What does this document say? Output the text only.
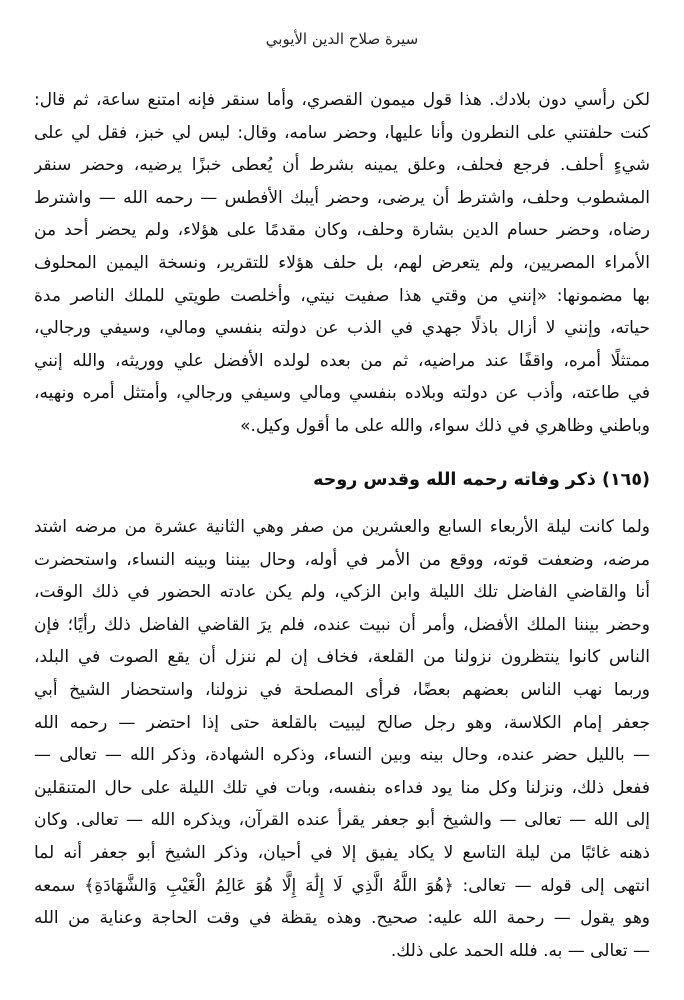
سيرة صلاح الدين الأيوبي
لكن رأسي دون بلادك. هذا قول ميمون القصري، وأما سنقر فإنه امتنع ساعة، ثم قال:
كنت حلفتني على النطرون وأنا عليها، وحضر سامه، وقال: ليس لي خبز، فقل لي على
شيءٍ أحلف. فرجع فحلف، وعلق يمينه بشرط أن يُعطى خبزًا يرضيه، وحضر سنقر
المشطوب وحلف، واشترط أن يرضى، وحضر أيبك الأفطس — رحمه الله — واشترط
رضاه، وحضر حسام الدين بشارة وحلف، وكان مقدمًا على هؤلاء، ولم يحضر أحد من
الأمراء المصريين، ولم يتعرض لهم، بل حلف هؤلاء للتقرير، ونسخة اليمين المحلوف
بها مضمونها: «إنني من وقتي هذا صفيت نيتي، وأخلصت طويتي للملك الناصر مدة
حياته، وإنني لا أزال باذلًا جهدي في الذب عن دولته بنفسي ومالي، وسيفي ورجالي،
ممتثلًا أمره، واقفًا عند مراضيه، ثم من بعده لولده الأفضل علي ووريثه، والله إنني
في طاعته، وأذب عن دولته وبلاده بنفسي ومالي وسيفي ورجالي، وأمتثل أمره ونهيه،
وباطني وظاهري في ذلك سواء، والله على ما أقول وكيل.»
(١٦٥) ذكر وفاته رحمه الله وقدس روحه
ولما كانت ليلة الأربعاء السابع والعشرين من صفر وهي الثانية عشرة من مرضه اشتد
مرضه، وضعفت قوته، ووقع من الأمر في أوله، وحال بيننا وبينه النساء، واستحضرت
أنا والقاضي الفاضل تلك الليلة وابن الزكي، ولم يكن عادته الحضور في ذلك الوقت،
وحضر بيننا الملك الأفضل، وأمر أن نبيت عنده، فلم يرَ القاضي الفاضل ذلك رأيًا؛ فإن
الناس كانوا ينتظرون نزولنا من القلعة، فخاف إن لم ننزل أن يقع الصوت في البلد،
وربما نهب الناس بعضهم بعضًا، فرأى المصلحة في نزولنا، واستحضار الشيخ أبي
جعفر إمام الكلاسة، وهو رجل صالح ليبيت بالقلعة حتى إذا احتضر — رحمه الله
— بالليل حضر عنده، وحال بينه وبين النساء، وذكره الشهادة، وذكر الله — تعالى —
ففعل ذلك، ونزلنا وكل منا يود فداءه بنفسه، وبات في تلك الليلة على حال المتنقلين
إلى الله — تعالى — والشيخ أبو جعفر يقرأ عنده القرآن، ويذكره الله — تعالى. وكان
ذهنه غائبًا من ليلة التاسع لا يكاد يفيق إلا في أحيان، وذكر الشيخ أبو جعفر أنه لما
انتهى إلى قوله — تعالى: ﴿هُوَ اللَّهُ الَّذِي لَا إِلَٰهَ إِلَّا هُوَ عَالِمُ الْغَيْبِ وَالشَّهَادَةِ﴾ سمعه
وهو يقول — رحمة الله عليه: صحيح. وهذه يقظة في وقت الحاجة وعناية من الله
— تعالى — به. فلله الحمد على ذلك.
